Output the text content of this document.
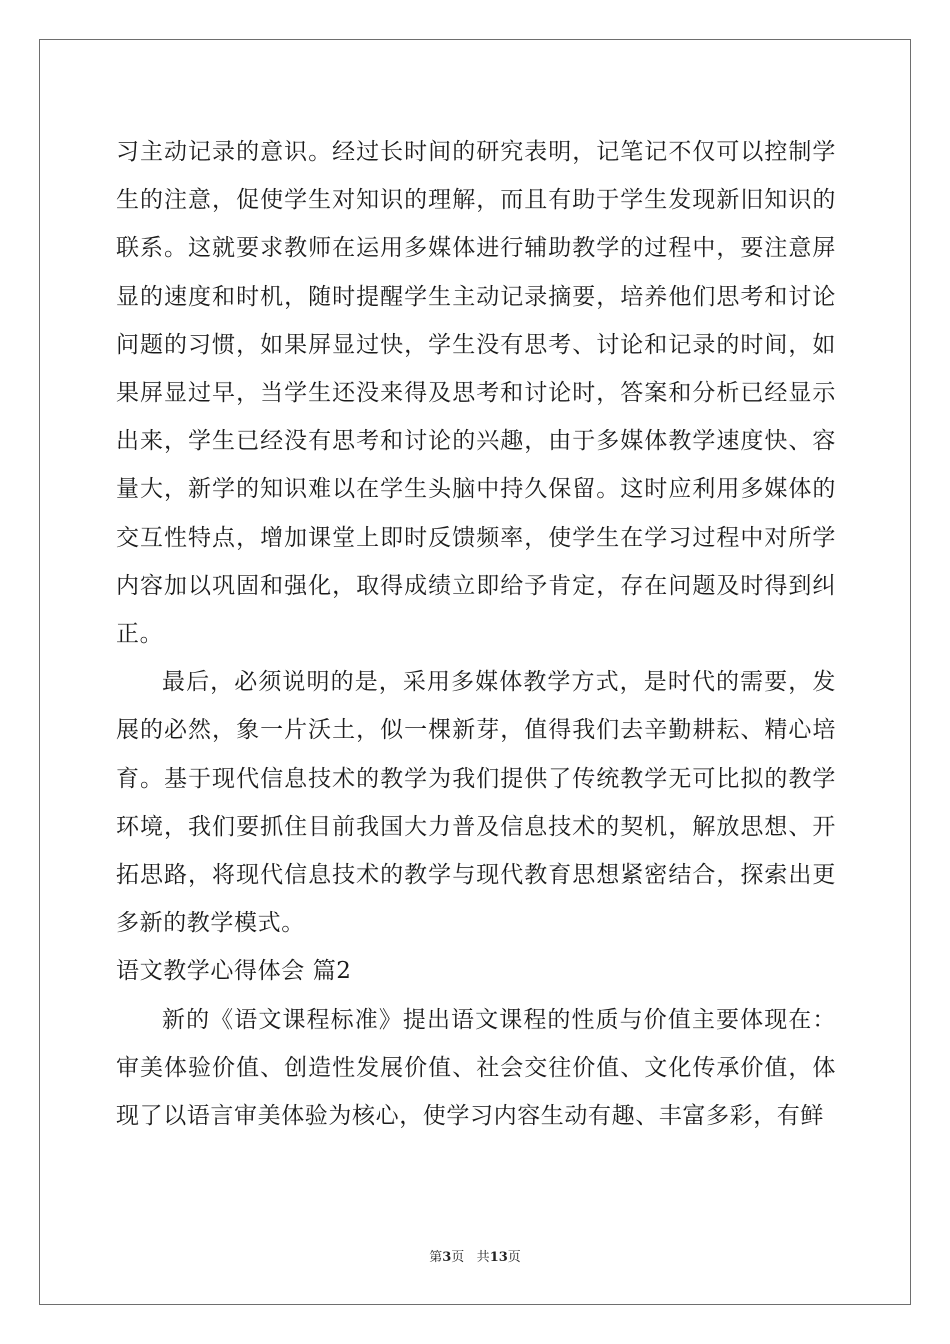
习主动记录的意识。经过长时间的研究表明，记笔记不仅可以控制学生的注意，促使学生对知识的理解，而且有助于学生发现新旧知识的联系。这就要求教师在运用多媒体进行辅助教学的过程中，要注意屏显的速度和时机，随时提醒学生主动记录摘要，培养他们思考和讨论问题的习惯，如果屏显过快，学生没有思考、讨论和记录的时间，如果屏显过早，当学生还没来得及思考和讨论时，答案和分析已经显示出来，学生已经没有思考和讨论的兴趣，由于多媒体教学速度快、容量大，新学的知识难以在学生头脑中持久保留。这时应利用多媒体的交互性特点，增加课堂上即时反馈频率，使学生在学习过程中对所学内容加以巩固和强化，取得成绩立即给予肯定，存在问题及时得到纠正。

最后，必须说明的是，采用多媒体教学方式，是时代的需要，发展的必然，象一片沃土，似一棵新芽，值得我们去辛勤耕耘、精心培育。基于现代信息技术的教学为我们提供了传统教学无可比拟的教学环境，我们要抓住目前我国大力普及信息技术的契机，解放思想、开拓思路，将现代信息技术的教学与现代教育思想紧密结合，探索出更多新的教学模式。

语文教学心得体会 篇2

新的《语文课程标准》提出语文课程的性质与价值主要体现在：审美体验价值、创造性发展价值、社会交往价值、文化传承价值，体现了以语言审美体验为核心，使学习内容生动有趣、丰富多彩，有鲜

第3页 共13页
